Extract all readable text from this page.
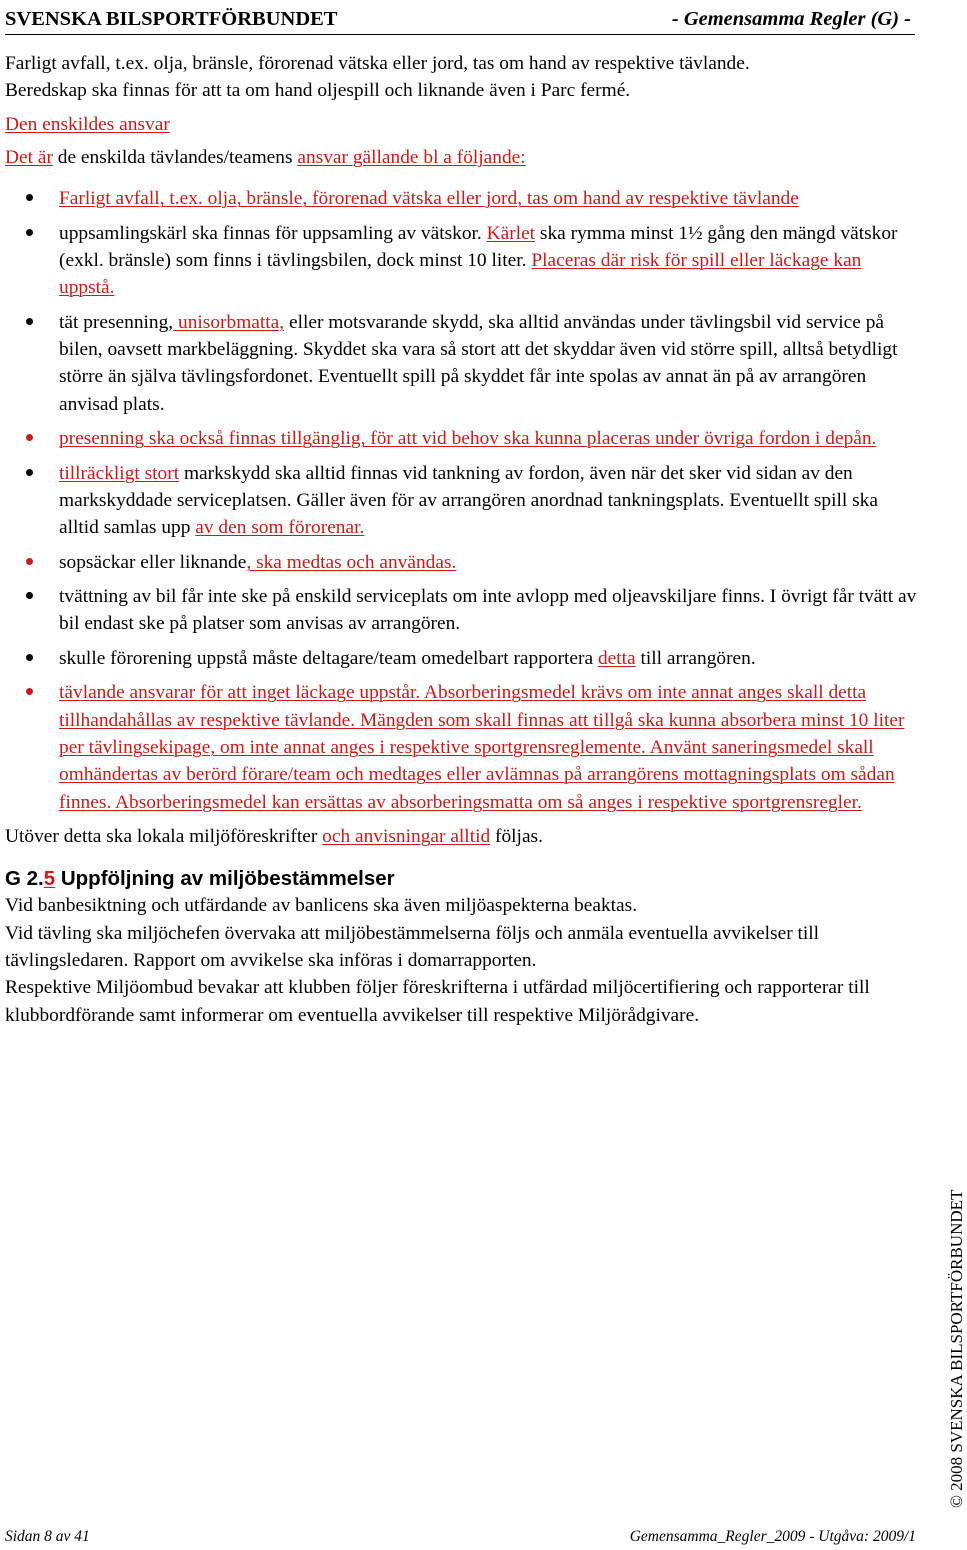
SVENSKA BILSPORTFÖRBUNDET	- Gemensamma Regler (G) -

Farligt avfall, t.ex. olja, bränsle, förorenad vätska eller jord, tas om hand av respektive tävlande.

Beredskap ska finnas för att ta om hand oljespill och liknande även i Parc fermé.

Den enskildes ansvar

Det är de enskilda tävlandes/teamens ansvar gällande bl a följande:

Farligt avfall, t.ex. olja, bränsle, förorenad vätska eller jord, tas om hand av respektive tävlande
uppsamlingskärl ska finnas för uppsamling av vätskor. Kärlet ska rymma minst 1½ gång den mängd vätskor (exkl. bränsle) som finns i tävlingsbilen, dock minst 10 liter. Placeras där risk för spill eller läckage kan uppstå.
tät presenning, unisorbmatta, eller motsvarande skydd, ska alltid användas under tävlingsbil vid service på bilen, oavsett markbeläggning. Skyddet ska vara så stort att det skyddar även vid större spill, alltså betydligt större än själva tävlingsfordonet. Eventuellt spill på skyddet får inte spolas av annat än på av arrangören anvisad plats.
presenning ska också finnas tillgänglig, för att vid behov ska kunna placeras under övriga fordon i depån.
tillräckligt stort markskydd ska alltid finnas vid tankning av fordon, även när det sker vid sidan av den markskyddade serviceplatsen. Gäller även för av arrangören anordnad tankningsplats. Eventuellt spill ska alltid samlas upp av den som förorenar.
sopsäckar eller liknande, ska medtas och användas.
tvättning av bil får inte ske på enskild serviceplats om inte avlopp med oljeavskiljare finns. I övrigt får tvätt av bil endast ske på platser som anvisas av arrangören.
skulle förorening uppstå måste deltagare/team omedelbart rapportera detta till arrangören.
tävlande ansvarar för att inget läckage uppstår. Absorberingsmedel krävs om inte annat anges skall detta tillhandahållas av respektive tävlande. Mängden som skall finnas att tillgå ska kunna absorbera minst 10 liter per tävlingsekipage, om inte annat anges i respektive sportgrensreglemente. Använt saneringsmedel skall omhändertas av berörd förare/team och medtages eller avlämnas på arrangörens mottagningsplats om sådan finnes. Absorberingsmedel kan ersättas av absorberingsmatta om så anges i respektive sportgrensregler.

Utöver detta ska lokala miljöföreskrifter och anvisningar alltid följas.

G 2.5 Uppföljning av miljöbestämmelser

Vid banbesiktning och utfärdande av banlicens ska även miljöaspekterna beaktas.

Vid tävling ska miljöchefen övervaka att miljöbestämmelserna följs och anmäla eventuella avvikelser till tävlingsledaren. Rapport om avvikelse ska införas i domarrapporten.

Respektive Miljöombud bevakar att klubben följer föreskrifterna i utfärdad miljöcertifiering och rapporterar till klubbordförande samt informerar om eventuella avvikelser till respektive Miljörådgivare.

© 2008 SVENSKA BILSPORTFÖRBUNDET
Sidan 8 av 41	Gemensamma_Regler_2009 - Utgåva: 2009/1
